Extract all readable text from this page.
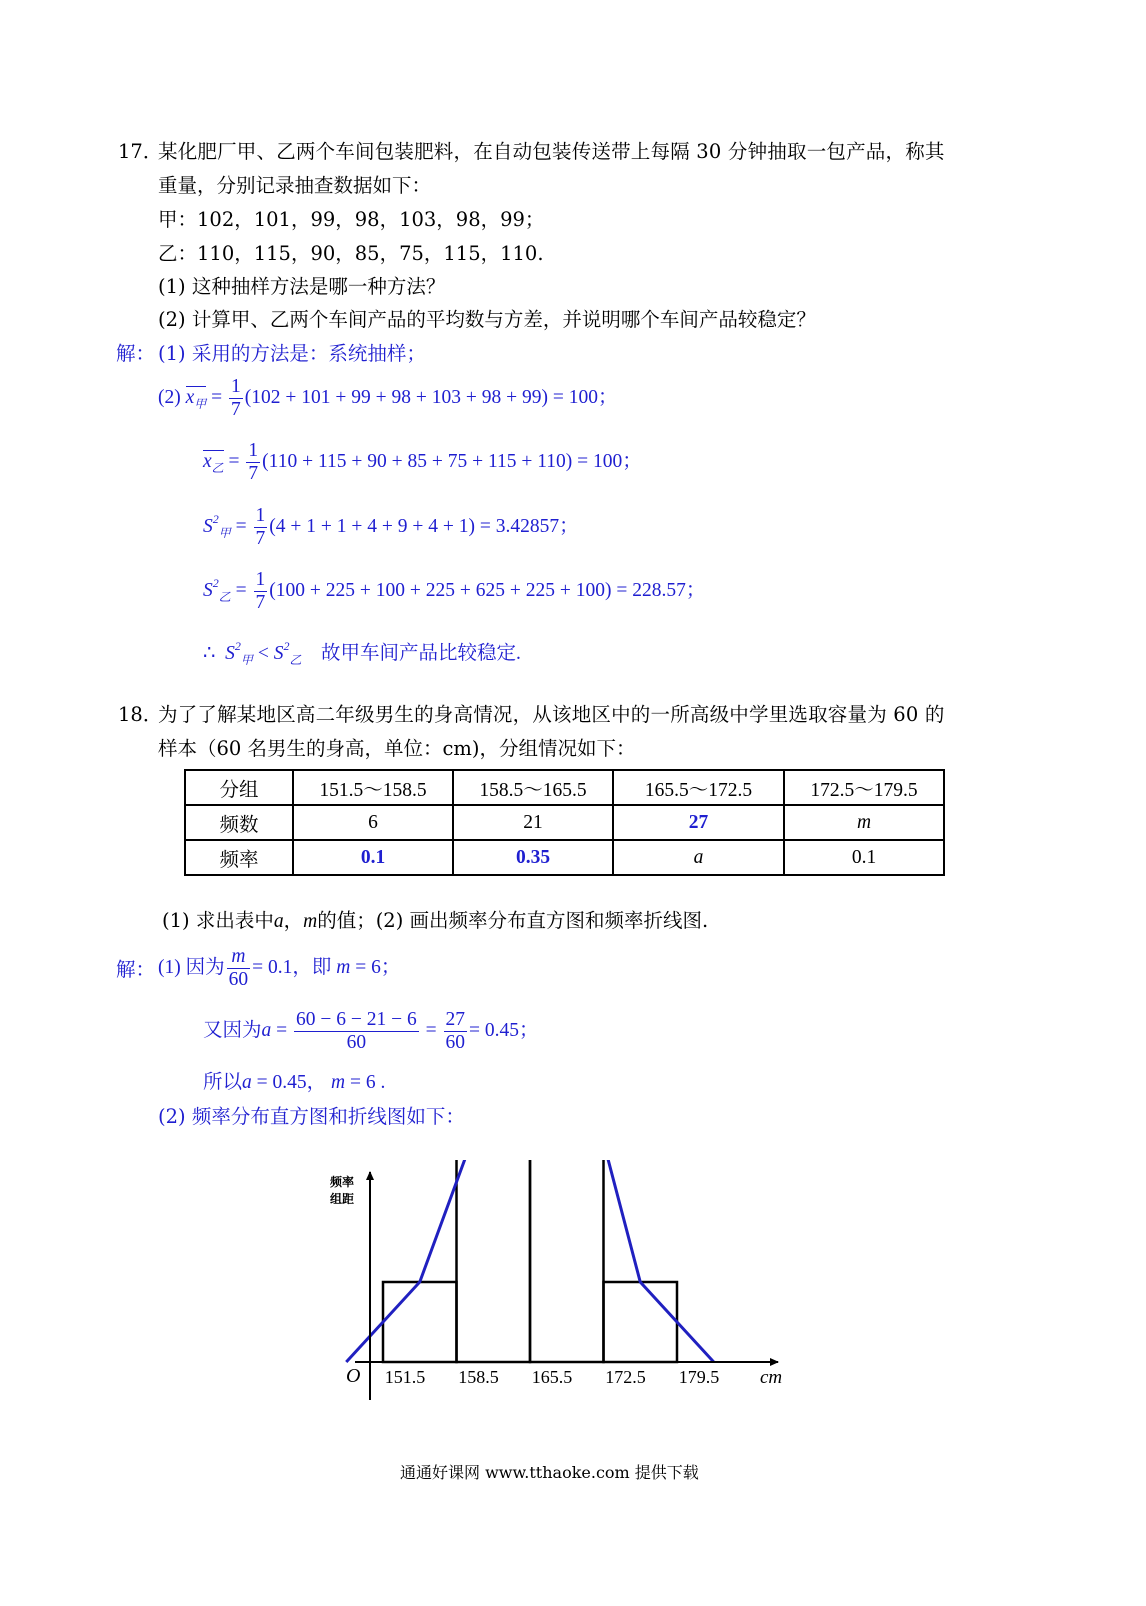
17．
某化肥厂甲、乙两个车间包装肥料，在自动包装传送带上每隔 30 分钟抽取一包产品，称其
重量，分别记录抽查数据如下：
甲：102，101，99，98，103，98，99；
乙：110，115，90，85，75，115，110.
(1) 这种抽样方法是哪一种方法？
(2) 计算甲、乙两个车间产品的平均数与方差，并说明哪个车间产品较稳定？
解： (1) 采用的方法是：系统抽样；
(2) $x_甲 = \frac{1}{7} (102 + 101 + 99 + 98 + 103 + 98 + 99) = 100$；
$x_乙 = \frac{1}{7} (110 + 115 + 90 + 85 + 75 + 115 + 110) = 100$；
$S^2_甲 = \frac{1}{7} (4 + 1 + 1 + 4 + 9 + 4 + 1) = 3.42857$；
$S^2_乙 = \frac{1}{7} (100 + 225 + 100 + 225 + 625 + 225 + 100) = 228.57$；
∴ $S^2_甲 < S^2_乙$ 故甲车间产品比较稳定.
18．
为了了解某地区高二年级男生的身高情况，从该地区中的一所高级中学里选取容量为 60 的
样本（60 名男生的身高，单位：cm)，分组情况如下：
分组	151.5～158.5	158.5～165.5	165.5～172.5	172.5～179.5
频数	6	21	27	m
频率	0.1	0.35	a	0.1
(1) 求出表中a，m的值；(2) 画出频率分布直方图和频率折线图.
解： (1) 因为 $\frac{m}{60} = 0.1$，即 m = 6；
又因为$a = \frac{60 - 6 - 21 - 6}{60} = \frac{27}{60} = 0.45$；
所以a = 0.45， m = 6 .
(2) 频率分布直方图和折线图如下：
频率
组距
O	cm
151.5 158.5 165.5 172.5 179.5
通通好课网 www.tthaoke.com 提供下载
